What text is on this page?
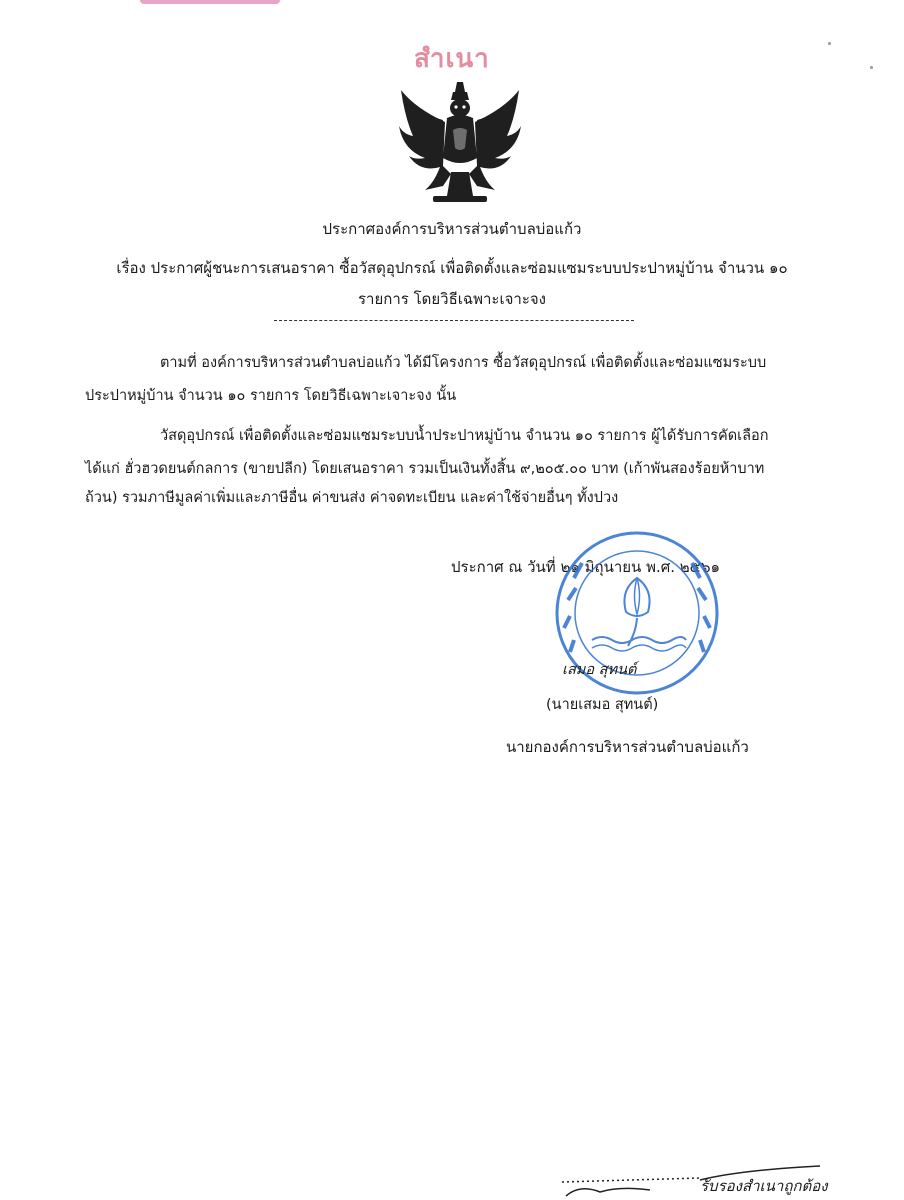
สำเนา
ประกาศองค์การบริหารส่วนตำบลบ่อแก้ว
เรื่อง ประกาศผู้ชนะการเสนอราคา ซื้อวัสดุอุปกรณ์ เพื่อติดตั้งและซ่อมแซมระบบประปาหมู่บ้าน จำนวน ๑๐
รายการ โดยวิธีเฉพาะเจาะจง
ตามที่ องค์การบริหารส่วนตำบลบ่อแก้ว ได้มีโครงการ ซื้อวัสดุอุปกรณ์ เพื่อติดตั้งและซ่อมแซมระบบ
ประปาหมู่บ้าน จำนวน ๑๐ รายการ โดยวิธีเฉพาะเจาะจง นั้น
วัสดุอุปกรณ์ เพื่อติดตั้งและซ่อมแซมระบบน้ำประปาหมู่บ้าน จำนวน ๑๐ รายการ ผู้ได้รับการคัดเลือก
ได้แก่ ฮั่วฮวดยนต์กลการ (ขายปลีก) โดยเสนอราคา รวมเป็นเงินทั้งสิ้น ๙,๒๐๕.๐๐ บาท (เก้าพันสองร้อยห้าบาท
ถ้วน) รวมภาษีมูลค่าเพิ่มและภาษีอื่น ค่าขนส่ง ค่าจดทะเบียน และค่าใช้จ่ายอื่นๆ ทั้งปวง
ประกาศ ณ วันที่ ๒๑ มิถุนายน พ.ศ. ๒๕๖๑
เสมอ สุทนต์
(นายเสมอ สุทนต์)
นายกองค์การบริหารส่วนตำบลบ่อแก้ว
รับรองสำเนาถูกต้อง
